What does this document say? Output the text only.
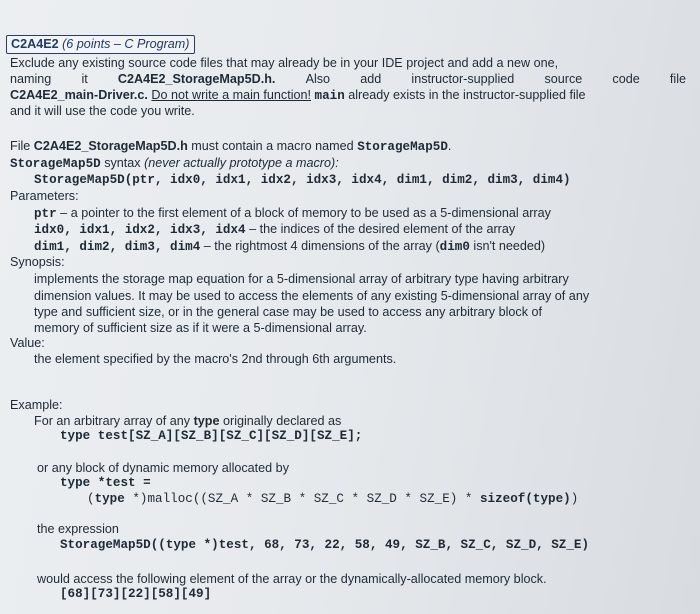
C2A4E2 (6 points – C Program)
Exclude any existing source code files that may already be in your IDE project and add a new one,
naming it C2A4E2_StorageMap5D.h. Also add instructor-supplied source code file
C2A4E2_main-Driver.c. Do not write a main function! main already exists in the instructor-supplied file
and it will use the code you write.
File C2A4E2_StorageMap5D.h must contain a macro named StorageMap5D.
StorageMap5D syntax (never actually prototype a macro):
StorageMap5D(ptr, idx0, idx1, idx2, idx3, idx4, dim1, dim2, dim3, dim4)
Parameters:
ptr – a pointer to the first element of a block of memory to be used as a 5-dimensional array
idx0, idx1, idx2, idx3, idx4 – the indices of the desired element of the array
dim1, dim2, dim3, dim4 – the rightmost 4 dimensions of the array (dim0 isn't needed)
Synopsis:
implements the storage map equation for a 5-dimensional array of arbitrary type having arbitrary
dimension values. It may be used to access the elements of any existing 5-dimensional array of any
type and sufficient size, or in the general case may be used to access any arbitrary block of
memory of sufficient size as if it were a 5-dimensional array.
Value:
the element specified by the macro's 2nd through 6th arguments.
Example:
For an arbitrary array of any type originally declared as
type test[SZ_A][SZ_B][SZ_C][SZ_D][SZ_E];
or any block of dynamic memory allocated by
type *test =
(type *)malloc((SZ_A * SZ_B * SZ_C * SZ_D * SZ_E) * sizeof(type))
the expression
StorageMap5D((type *)test, 68, 73, 22, 58, 49, SZ_B, SZ_C, SZ_D, SZ_E)
would access the following element of the array or the dynamically-allocated memory block.
[68][73][22][58][49]
